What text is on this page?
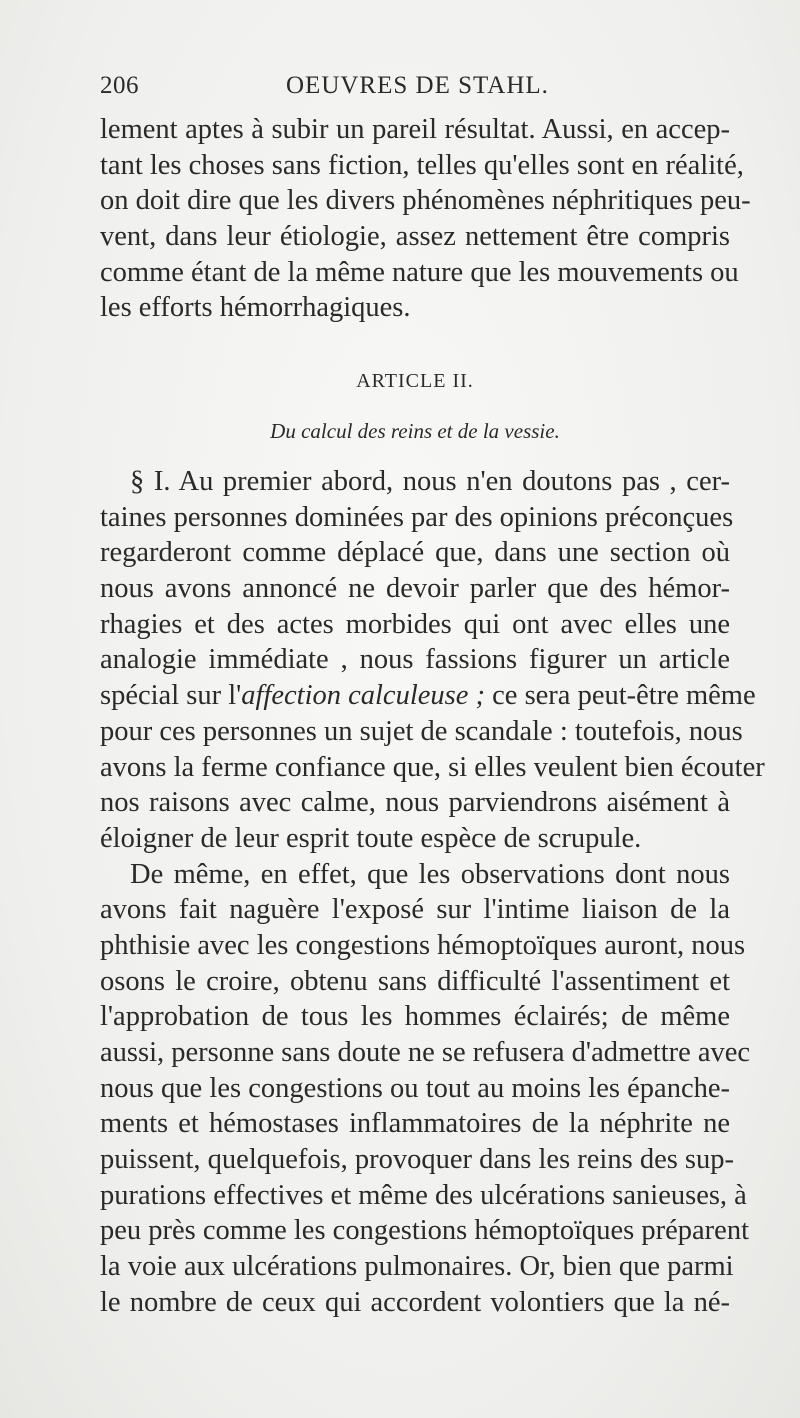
206	OEUVRES DE STAHL.
lement aptes à subir un pareil résultat. Aussi, en accep-
tant les choses sans fiction, telles qu'elles sont en réalité,
on doit dire que les divers phénomènes néphritiques peu-
vent, dans leur étiologie, assez nettement être compris
comme étant de la même nature que les mouvements ou
les efforts hémorrhagiques.
ARTICLE II.
Du calcul des reins et de la vessie.
§ I. Au premier abord, nous n'en doutons pas , cer-
taines personnes dominées par des opinions préconçues
regarderont comme déplacé que, dans une section où
nous avons annoncé ne devoir parler que des hémor-
rhagies et des actes morbides qui ont avec elles une
analogie immédiate , nous fassions figurer un article
spécial sur l'affection calculeuse ; ce sera peut-être même
pour ces personnes un sujet de scandale : toutefois, nous
avons la ferme confiance que, si elles veulent bien écouter
nos raisons avec calme, nous parviendrons aisément à
éloigner de leur esprit toute espèce de scrupule.
De même, en effet, que les observations dont nous
avons fait naguère l'exposé sur l'intime liaison de la
phthisie avec les congestions hémoptoïques auront, nous
osons le croire, obtenu sans difficulté l'assentiment et
l'approbation de tous les hommes éclairés; de même
aussi, personne sans doute ne se refusera d'admettre avec
nous que les congestions ou tout au moins les épanche-
ments et hémostases inflammatoires de la néphrite ne
puissent, quelquefois, provoquer dans les reins des sup-
purations effectives et même des ulcérations sanieuses, à
peu près comme les congestions hémoptoïques préparent
la voie aux ulcérations pulmonaires. Or, bien que parmi
le nombre de ceux qui accordent volontiers que la né-
